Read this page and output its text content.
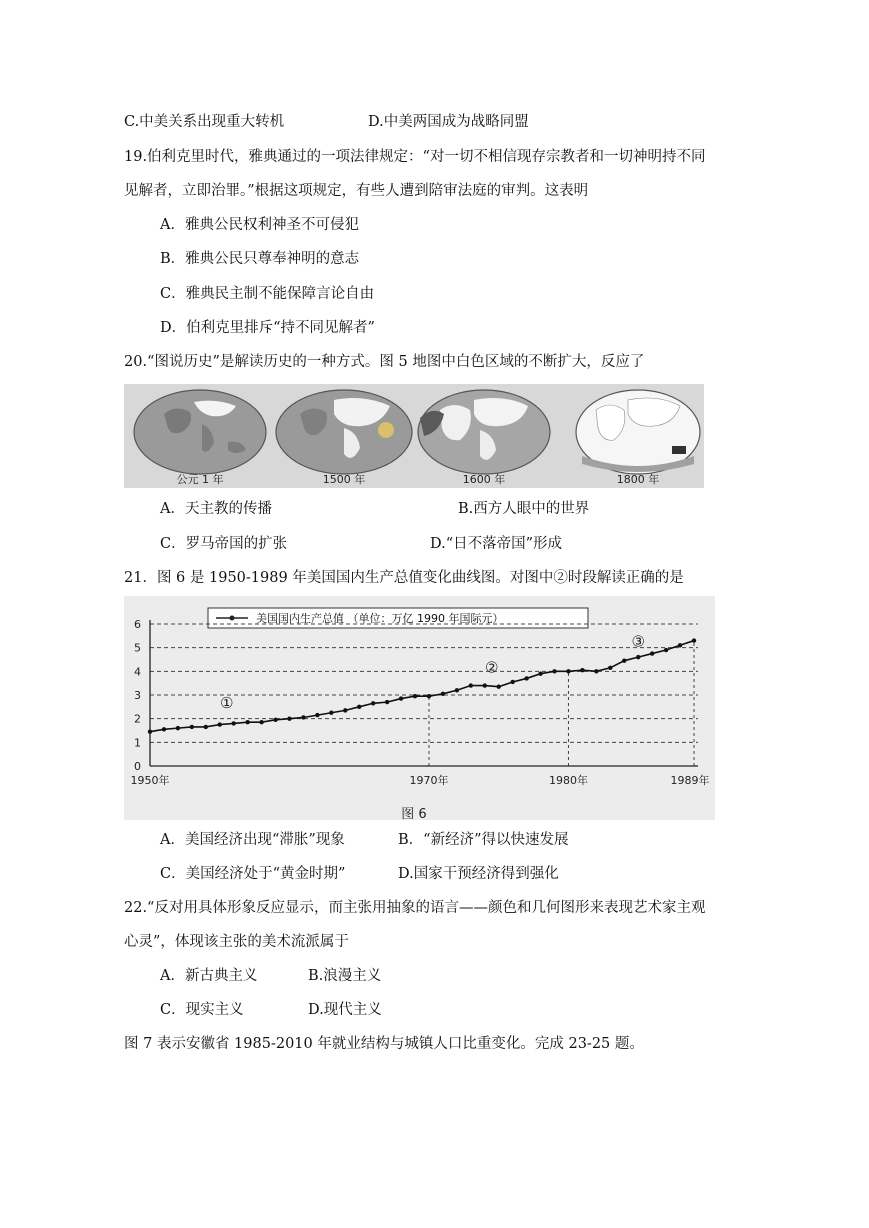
C.中美关系出现重大转机	D.中美两国成为战略同盟
19.伯利克里时代，雅典通过的一项法律规定：“对一切不相信现存宗教者和一切神明持不同
见解者，立即治罪。”根据这项规定，有些人遭到陪审法庭的审判。这表明
A．雅典公民权利神圣不可侵犯
B．雅典公民只尊奉神明的意志
C．雅典民主制不能保障言论自由
D．伯利克里排斥“持不同见解者”
20.“图说历史”是解读历史的一种方式。图 5 地图中白色区域的不断扩大，反应了
公元 1 年	1500 年	1600 年	1800 年
A．天主教的传播	B.西方人眼中的世界
C．罗马帝国的扩张	D.“日不落帝国”形成
21．图 6 是 1950-1989 年美国国内生产总值变化曲线图。对图中②时段解读正确的是
美国国内生产总值 （单位：万亿 1990 年国际元）
0
1
2
3
4
5
6
1950年	1970年	1980年	1989年
①
②
③
图 6
A．美国经济出现“滞胀”现象	B．“新经济”得以快速发展
C．美国经济处于“黄金时期”	D.国家干预经济得到强化
22.“反对用具体形象反应显示，而主张用抽象的语言——颜色和几何图形来表现艺术家主观
心灵”，体现该主张的美术流派属于
A．新古典主义	B.浪漫主义
C．现实主义	D.现代主义
图 7 表示安徽省 1985-2010 年就业结构与城镇人口比重变化。完成 23-25 题。
